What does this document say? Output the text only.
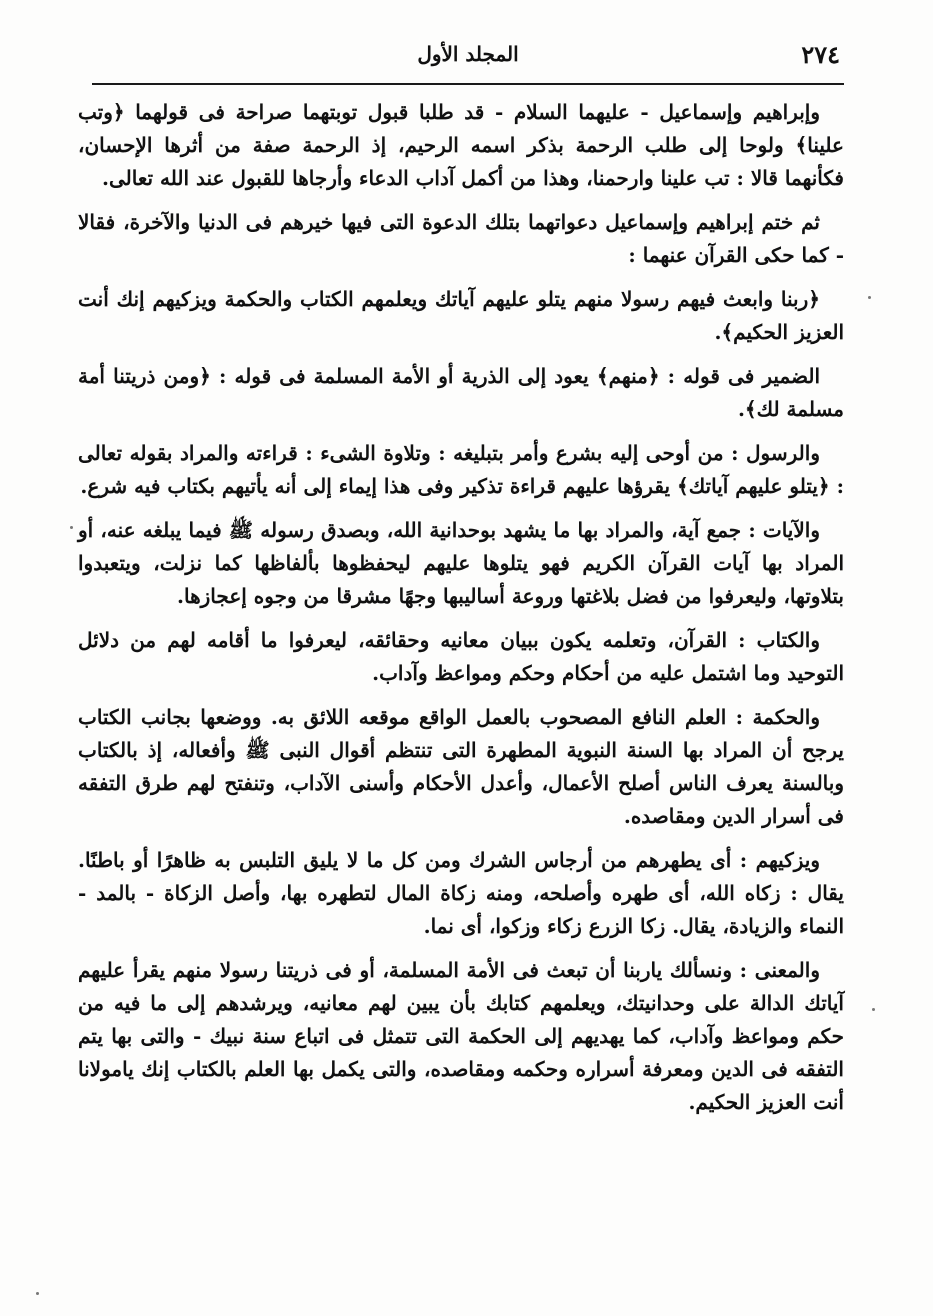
٢٧٤
المجلد الأول

وإبراهيم وإسماعيل - عليهما السلام - قد طلبا قبول توبتهما صراحة فى قولهما ﴿وتب علينا﴾ ولوحا إلى طلب الرحمة بذكر اسمه الرحيم، إذ الرحمة صفة من أثرها الإحسان، فكأنهما قالا : تب علينا وارحمنا، وهذا من أكمل آداب الدعاء وأرجاها للقبول عند الله تعالى.

ثم ختم إبراهيم وإسماعيل دعواتهما بتلك الدعوة التى فيها خيرهم فى الدنيا والآخرة، فقالا - كما حكى القرآن عنهما :

﴿ربنا وابعث فيهم رسولا منهم يتلو عليهم آياتك ويعلمهم الكتاب والحكمة ويزكيهم إنك أنت العزيز الحكيم﴾.

الضمير فى قوله : ﴿منهم﴾ يعود إلى الذرية أو الأمة المسلمة فى قوله : ﴿ومن ذريتنا أمة مسلمة لك﴾.

والرسول : من أوحى إليه بشرع وأمر بتبليغه : وتلاوة الشىء : قراءته والمراد بقوله تعالى : ﴿يتلو عليهم آياتك﴾ يقرؤها عليهم قراءة تذكير وفى هذا إيماء إلى أنه يأتيهم بكتاب فيه شرع.

والآيات : جمع آية، والمراد بها ما يشهد بوحدانية الله، وبصدق رسوله ﷺ فيما يبلغه عنه، أو المراد بها آيات القرآن الكريم فهو يتلوها عليهم ليحفظوها بألفاظها كما نزلت، ويتعبدوا بتلاوتها، وليعرفوا من فضل بلاغتها وروعة أساليبها وجهًا مشرقا من وجوه إعجازها.

والكتاب : القرآن، وتعلمه يكون ببيان معانيه وحقائقه، ليعرفوا ما أقامه لهم من دلائل التوحيد وما اشتمل عليه من أحكام وحكم ومواعظ وآداب.

والحكمة : العلم النافع المصحوب بالعمل الواقع موقعه اللائق به. ووضعها بجانب الكتاب يرجح أن المراد بها السنة النبوية المطهرة التى تنتظم أقوال النبى ﷺ وأفعاله، إذ بالكتاب وبالسنة يعرف الناس أصلح الأعمال، وأعدل الأحكام وأسنى الآداب، وتنفتح لهم طرق التفقه فى أسرار الدين ومقاصده.

ويزكيهم : أى يطهرهم من أرجاس الشرك ومن كل ما لا يليق التلبس به ظاهرًا أو باطنًا. يقال : زكاه الله، أى طهره وأصلحه، ومنه زكاة المال لتطهره بها، وأصل الزكاة - بالمد - النماء والزيادة، يقال. زكا الزرع زكاء وزكوا، أى نما.

والمعنى : ونسألك ياربنا أن تبعث فى الأمة المسلمة، أو فى ذريتنا رسولا منهم يقرأ عليهم آياتك الدالة على وحدانيتك، ويعلمهم كتابك بأن يبين لهم معانيه، ويرشدهم إلى ما فيه من حكم ومواعظ وآداب، كما يهديهم إلى الحكمة التى تتمثل فى اتباع سنة نبيك - والتى بها يتم التفقه فى الدين ومعرفة أسراره وحكمه ومقاصده، والتى يكمل بها العلم بالكتاب إنك يامولانا أنت العزيز الحكيم.
